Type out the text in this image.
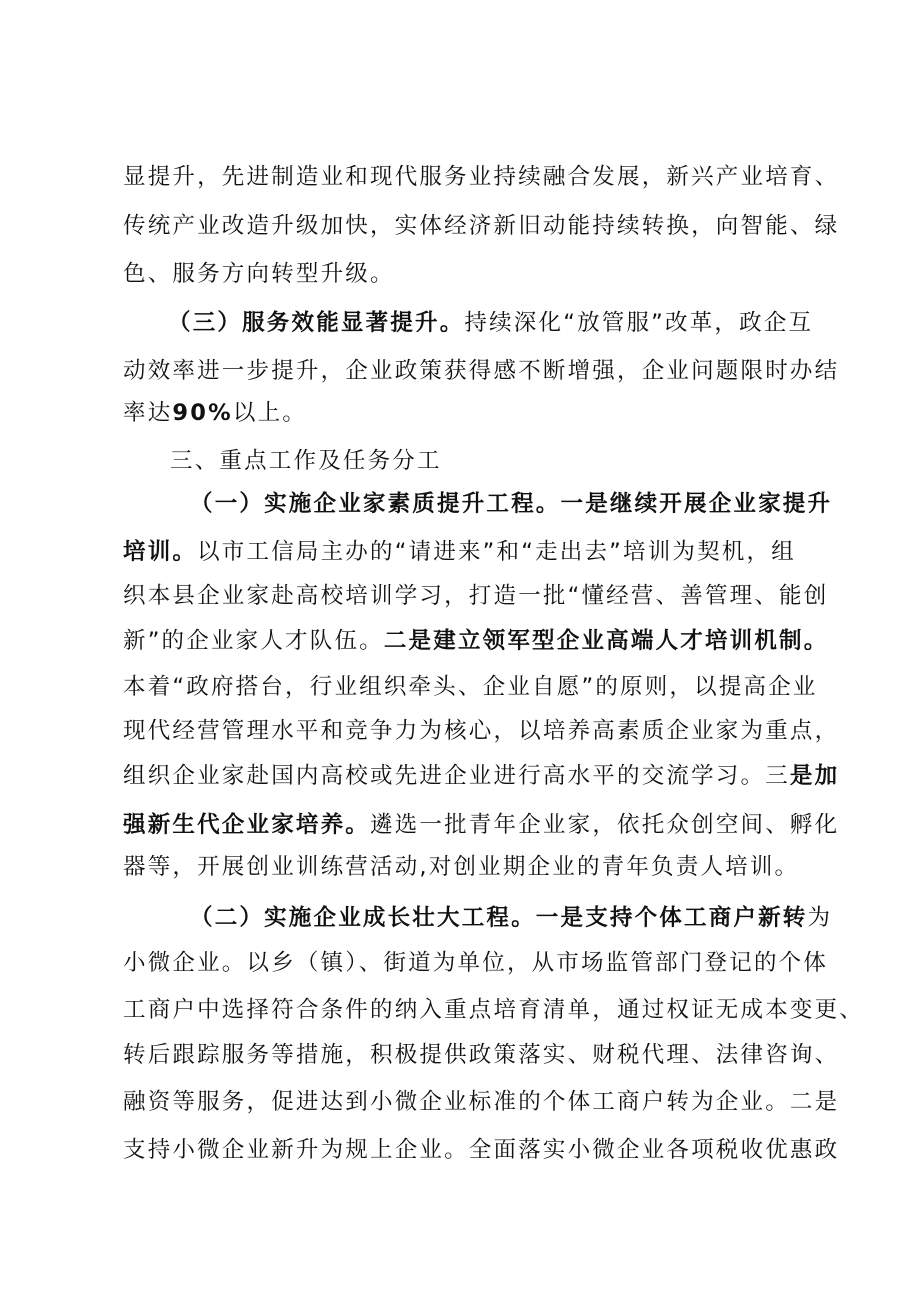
显提升，先进制造业和现代服务业持续融合发展，新兴产业培育、
传统产业改造升级加快，实体经济新旧动能持续转换，向智能、绿
色、服务方向转型升级。
（三）服务效能显著提升。持续深化“放管服”改革，政企互
动效率进一步提升，企业政策获得感不断增强，企业问题限时办结
率达90%以上。
三、重点工作及任务分工
（一）实施企业家素质提升工程。一是继续开展企业家提升
培训。以市工信局主办的“请进来”和“走出去”培训为契机，组
织本县企业家赴高校培训学习，打造一批“懂经营、善管理、能创
新”的企业家人才队伍。二是建立领军型企业高端人才培训机制。
本着“政府搭台，行业组织牵头、企业自愿”的原则，以提高企业
现代经营管理水平和竞争力为核心，以培养高素质企业家为重点，
组织企业家赴国内高校或先进企业进行高水平的交流学习。三是加
强新生代企业家培养。遴选一批青年企业家，依托众创空间、孵化
器等，开展创业训练营活动,对创业期企业的青年负责人培训。
（二）实施企业成长壮大工程。一是支持个体工商户新转为
小微企业。以乡（镇）、街道为单位，从市场监管部门登记的个体
工商户中选择符合条件的纳入重点培育清单，通过权证无成本变更、
转后跟踪服务等措施，积极提供政策落实、财税代理、法律咨询、
融资等服务，促进达到小微企业标准的个体工商户转为企业。二是
支持小微企业新升为规上企业。全面落实小微企业各项税收优惠政
